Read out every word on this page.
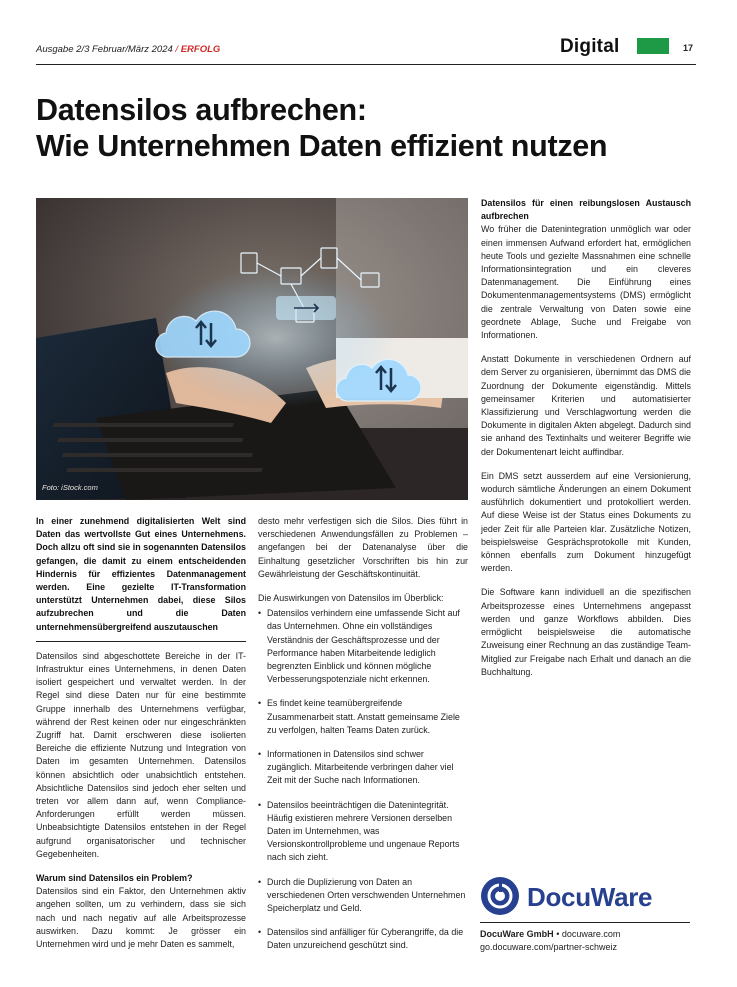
Ausgabe 2/3 Februar/März 2024 / ERFOLG	Digital	17
Datensilos aufbrechen:
Wie Unternehmen Daten effizient nutzen
Foto: iStock.com
In einer zunehmend digitalisierten Welt sind Daten das wertvollste Gut eines Unternehmens. Doch allzu oft sind sie in sogenannten Datensilos gefangen, die damit zu einem entscheidenden Hindernis für effizientes Datenmanagement werden. Eine gezielte IT-Transformation unterstützt Unternehmen dabei, diese Silos aufzubrechen und die Daten unternehmensübergreifend auszutauschen

Datensilos sind abgeschottete Bereiche in der IT-Infrastruktur eines Unternehmens, in denen Daten isoliert gespeichert und verwaltet werden. In der Regel sind diese Daten nur für eine bestimmte Gruppe innerhalb des Unternehmens verfügbar, während der Rest keinen oder nur eingeschränkten Zugriff hat. Damit erschweren diese isolierten Bereiche die effiziente Nutzung und Integration von Daten im gesamten Unternehmen. Datensilos können absichtlich oder unabsichtlich entstehen. Absichtliche Datensilos sind jedoch eher selten und treten vor allem dann auf, wenn Compliance-Anforderungen erfüllt werden müssen. Unbeabsichtigte Datensilos entstehen in der Regel aufgrund organisatorischer und technischer Gegebenheiten.

Warum sind Datensilos ein Problem?

Datensilos sind ein Faktor, den Unternehmen aktiv angehen sollten, um zu verhindern, dass sie sich nach und nach negativ auf alle Arbeitsprozesse auswirken. Dazu kommt: Je grösser ein Unternehmen wird und je mehr Daten es sammelt,

desto mehr verfestigen sich die Silos. Dies führt in verschiedenen Anwendungsfällen zu Problemen – angefangen bei der Datenanalyse über die Einhaltung gesetzlicher Vorschriften bis hin zur Gewährleistung der Geschäftskontinuität.

Die Auswirkungen von Datensilos im Überblick:
• Datensilos verhindern eine umfassende Sicht auf das Unternehmen. Ohne ein vollständiges Verständnis der Geschäftsprozesse und der Performance haben Mitarbeitende lediglich begrenzten Einblick und können mögliche Verbesserungspotenziale nicht erkennen.
• Es findet keine teamübergreifende Zusammenarbeit statt. Anstatt gemeinsame Ziele zu verfolgen, halten Teams Daten zurück.
• Informationen in Datensilos sind schwer zugänglich. Mitarbeitende verbringen daher viel Zeit mit der Suche nach Informationen.
• Datensilos beeinträchtigen die Datenintegrität. Häufig existieren mehrere Versionen derselben Daten im Unternehmen, was Versionskontrollprobleme und ungenaue Reports nach sich zieht.
• Durch die Duplizierung von Daten an verschiedenen Orten verschwenden Unternehmen Speicherplatz und Geld.
• Datensilos sind anfälliger für Cyberangriffe, da die Daten unzureichend geschützt sind.
Datensilos für einen reibungslosen Austausch aufbrechen

Wo früher die Datenintegration unmöglich war oder einen immensen Aufwand erfordert hat, ermöglichen heute Tools und gezielte Massnahmen eine schnelle Informationsintegration und ein cleveres Datenmanagement. Die Einführung eines Dokumentenmanagementsystems (DMS) ermöglicht die zentrale Verwaltung von Daten sowie eine geordnete Ablage, Suche und Freigabe von Informationen.

Anstatt Dokumente in verschiedenen Ordnern auf dem Server zu organisieren, übernimmt das DMS die Zuordnung der Dokumente eigenständig. Mittels gemeinsamer Kriterien und automatisierter Klassifizierung und Verschlagwortung werden die Dokumente in digitalen Akten abgelegt. Dadurch sind sie anhand des Textinhalts und weiterer Begriffe wie der Dokumentenart leicht auffindbar.

Ein DMS setzt ausserdem auf eine Versionierung, wodurch sämtliche Änderungen an einem Dokument ausführlich dokumentiert und protokolliert werden. Auf diese Weise ist der Status eines Dokuments zu jeder Zeit für alle Parteien klar. Zusätzliche Notizen, beispielsweise Gesprächsprotokolle mit Kunden, können ebenfalls zum Dokument hinzugefügt werden.

Die Software kann individuell an die spezifischen Arbeitsprozesse eines Unternehmens angepasst werden und ganze Workflows abbilden. Dies ermöglicht beispielsweise die automatische Zuweisung einer Rechnung an das zuständige Team-Mitglied zur Freigabe nach Erhalt und danach an die Buchhaltung.

DocuWare
DocuWare GmbH • docuware.com
go.docuware.com/partner-schweiz
